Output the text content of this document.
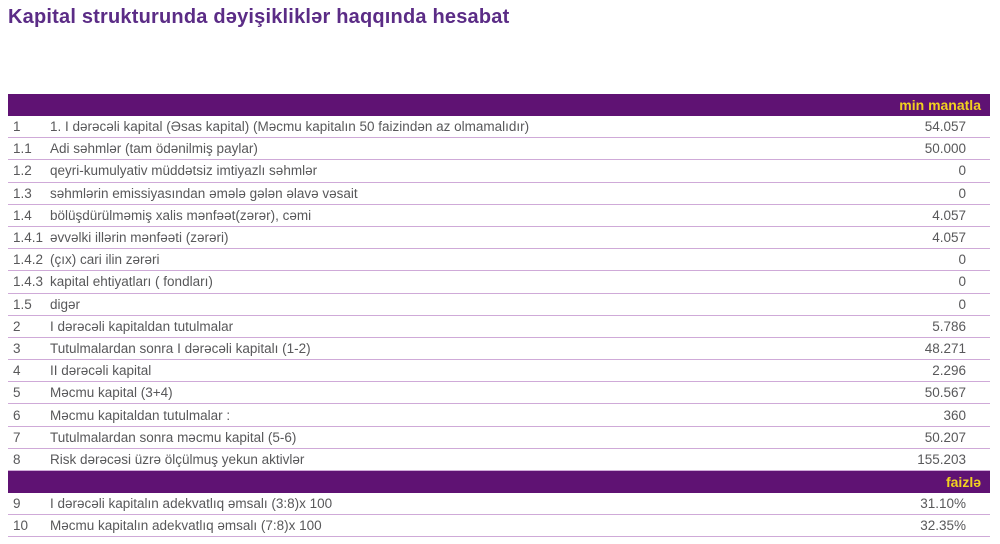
Kapital strukturunda dəyişikliklər haqqında hesabat
min manatla
1	1. I dərəcəli kapital (Əsas kapital) (Məcmu kapitalın 50 faizindən az olmamalıdır)	54.057
1.1	Adi səhmlər (tam ödənilmiş paylar)	50.000
1.2	qeyri-kumulyativ müddətsiz imtiyazlı səhmlər	0
1.3	səhmlərin emissiyasından əmələ gələn əlavə vəsait	0
1.4	bölüşdürülməmiş xalis mənfəət(zərər), cəmi	4.057
1.4.1 əvvəlki illərin mənfəəti (zərəri)	4.057
1.4.2 (çıx) cari ilin zərəri	0
1.4.3 kapital ehtiyatları ( fondları)	0
1.5	digər	0
2	I dərəcəli kapitaldan tutulmalar	5.786
3	Tutulmalardan sonra I dərəcəli kapitalı (1-2)	48.271
4	II dərəcəli kapital	2.296
5	Məcmu kapital (3+4)	50.567
6	Məcmu kapitaldan tutulmalar :	360
7	Tutulmalardan sonra məcmu kapital (5-6)	50.207
8	Risk dərəcəsi üzrə ölçülmuş yekun aktivlər	155.203
faizlə
9	I dərəcəli kapitalın adekvatlıq əmsalı (3:8)x 100	31.10%
10	Məcmu kapitalın adekvatlıq əmsalı (7:8)x 100	32.35%
